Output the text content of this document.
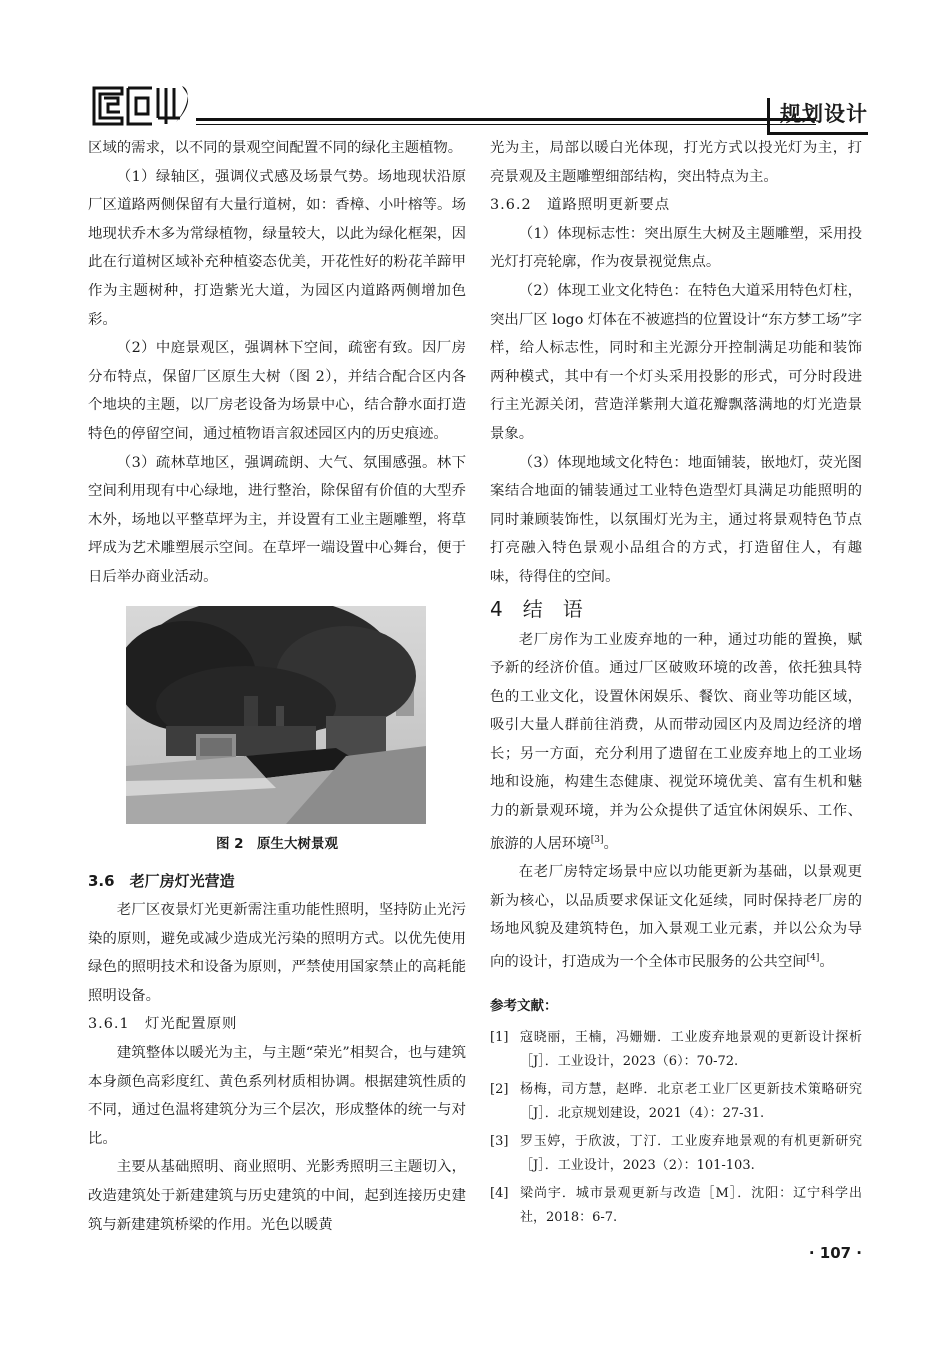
规划设计

区域的需求，以不同的景观空间配置不同的绿化主题植物。

（1）绿轴区，强调仪式感及场景气势。场地现状沿原厂区道路两侧保留有大量行道树，如：香樟、小叶榕等。场地现状乔木多为常绿植物，绿量较大，以此为绿化框架，因此在行道树区域补充种植姿态优美，开花性好的粉花羊蹄甲作为主题树种，打造紫光大道，为园区内道路两侧增加色彩。

（2）中庭景观区，强调林下空间，疏密有致。因厂房分布特点，保留厂区原生大树（图 2），并结合配合区内各个地块的主题，以厂房老设备为场景中心，结合静水面打造特色的停留空间，通过植物语言叙述园区内的历史痕迹。

（3）疏林草地区，强调疏朗、大气、氛围感强。林下空间利用现有中心绿地，进行整治，除保留有价值的大型乔木外，场地以平整草坪为主，并设置有工业主题雕塑，将草坪成为艺术雕塑展示空间。在草坪一端设置中心舞台，便于日后举办商业活动。

图 2　原生大树景观

3.6　老厂房灯光营造

老厂区夜景灯光更新需注重功能性照明，坚持防止光污染的原则，避免或减少造成光污染的照明方式。以优先使用绿色的照明技术和设备为原则，严禁使用国家禁止的高耗能照明设备。

3.6.1　灯光配置原则

建筑整体以暖光为主，与主题“荣光”相契合，也与建筑本身颜色高彩度红、黄色系列材质相协调。根据建筑性质的不同，通过色温将建筑分为三个层次，形成整体的统一与对比。

主要从基础照明、商业照明、光影秀照明三主题切入，改造建筑处于新建建筑与历史建筑的中间，起到连接历史建筑与新建建筑桥梁的作用。光色以暖黄

光为主，局部以暖白光体现，打光方式以投光灯为主，打亮景观及主题雕塑细部结构，突出特点为主。

3.6.2　道路照明更新要点

（1）体现标志性：突出原生大树及主题雕塑，采用投光灯打亮轮廓，作为夜景视觉焦点。

（2）体现工业文化特色：在特色大道采用特色灯柱，突出厂区 logo 灯体在不被遮挡的位置设计“东方梦工场”字样，给人标志性，同时和主光源分开控制满足功能和装饰两种模式，其中有一个灯头采用投影的形式，可分时段进行主光源关闭，营造洋紫荆大道花瓣飘落满地的灯光造景景象。

（3）体现地域文化特色：地面铺装，嵌地灯，荧光图案结合地面的铺装通过工业特色造型灯具满足功能照明的同时兼顾装饰性，以氛围灯光为主，通过将景观特色节点打亮融入特色景观小品组合的方式，打造留住人，有趣味，待得住的空间。

4　结　语

老厂房作为工业废弃地的一种，通过功能的置换，赋予新的经济价值。通过厂区破败环境的改善，依托独具特色的工业文化，设置休闲娱乐、餐饮、商业等功能区域，吸引大量人群前往消费，从而带动园区内及周边经济的增长；另一方面，充分利用了遗留在工业废弃地上的工业场地和设施，构建生态健康、视觉环境优美、富有生机和魅力的新景观环境，并为公众提供了适宜休闲娱乐、工作、旅游的人居环境[3]。

在老厂房特定场景中应以功能更新为基础，以景观更新为核心，以品质要求保证文化延续，同时保持老厂房的场地风貌及建筑特色，加入景观工业元素，并以公众为导向的设计，打造成为一个全体市民服务的公共空间[4]。

参考文献：
[1] 寇晓丽，王楠，冯姗姗．工业废弃地景观的更新设计探析［J］．工业设计，2023（6）：70-72.
[2] 杨梅，司方慧，赵晔．北京老工业厂区更新技术策略研究［J］．北京规划建设，2021（4）：27-31.
[3] 罗玉婷，于欣波，丁汀．工业废弃地景观的有机更新研究［J］．工业设计，2023（2）：101-103.
[4] 梁尚宇．城市景观更新与改造［M］．沈阳：辽宁科学出社，2018：6-7.
· 107 ·
